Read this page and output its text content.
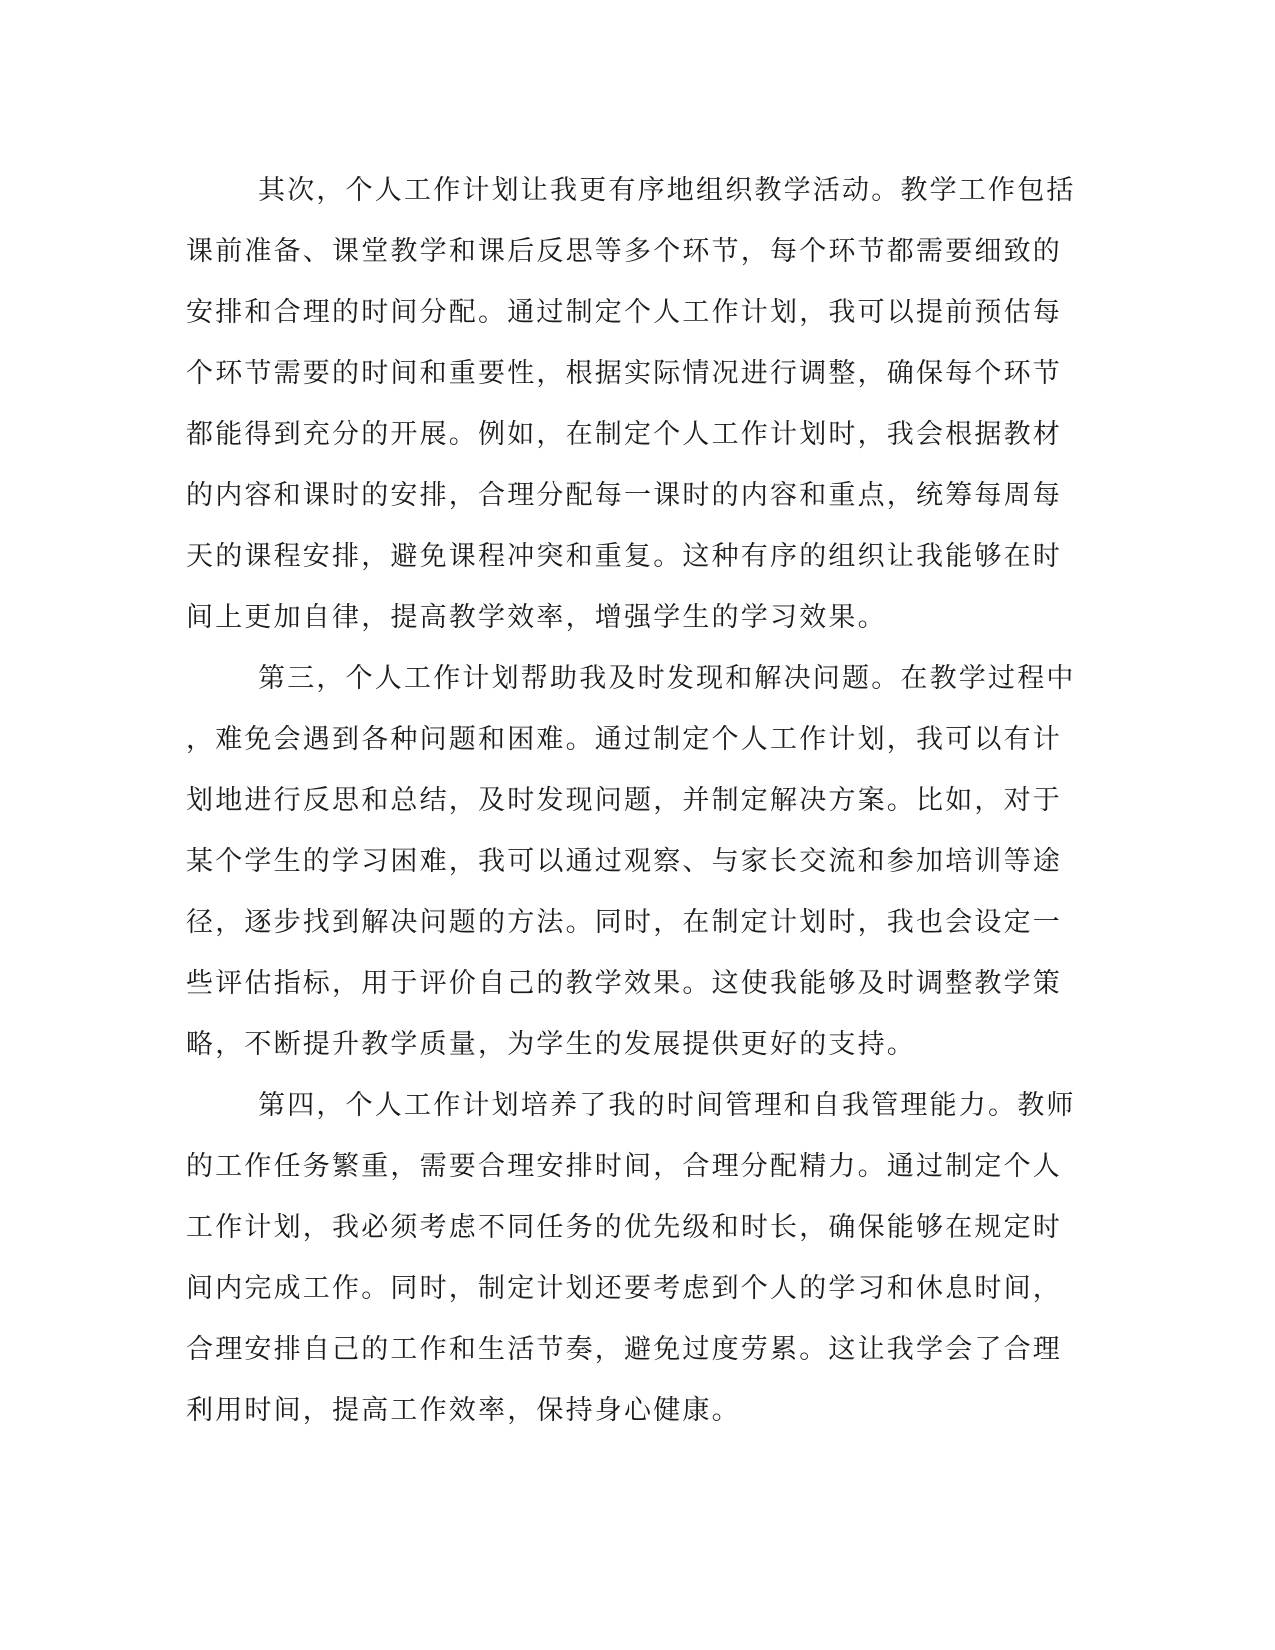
其次，个人工作计划让我更有序地组织教学活动。教学工作包括
课前准备、课堂教学和课后反思等多个环节，每个环节都需要细致的
安排和合理的时间分配。通过制定个人工作计划，我可以提前预估每
个环节需要的时间和重要性，根据实际情况进行调整，确保每个环节
都能得到充分的开展。例如，在制定个人工作计划时，我会根据教材
的内容和课时的安排，合理分配每一课时的内容和重点，统筹每周每
天的课程安排，避免课程冲突和重复。这种有序的组织让我能够在时
间上更加自律，提高教学效率，增强学生的学习效果。
第三，个人工作计划帮助我及时发现和解决问题。在教学过程中
，难免会遇到各种问题和困难。通过制定个人工作计划，我可以有计
划地进行反思和总结，及时发现问题，并制定解决方案。比如，对于
某个学生的学习困难，我可以通过观察、与家长交流和参加培训等途
径，逐步找到解决问题的方法。同时，在制定计划时，我也会设定一
些评估指标，用于评价自己的教学效果。这使我能够及时调整教学策
略，不断提升教学质量，为学生的发展提供更好的支持。
第四，个人工作计划培养了我的时间管理和自我管理能力。教师
的工作任务繁重，需要合理安排时间，合理分配精力。通过制定个人
工作计划，我必须考虑不同任务的优先级和时长，确保能够在规定时
间内完成工作。同时，制定计划还要考虑到个人的学习和休息时间，
合理安排自己的工作和生活节奏，避免过度劳累。这让我学会了合理
利用时间，提高工作效率，保持身心健康。
